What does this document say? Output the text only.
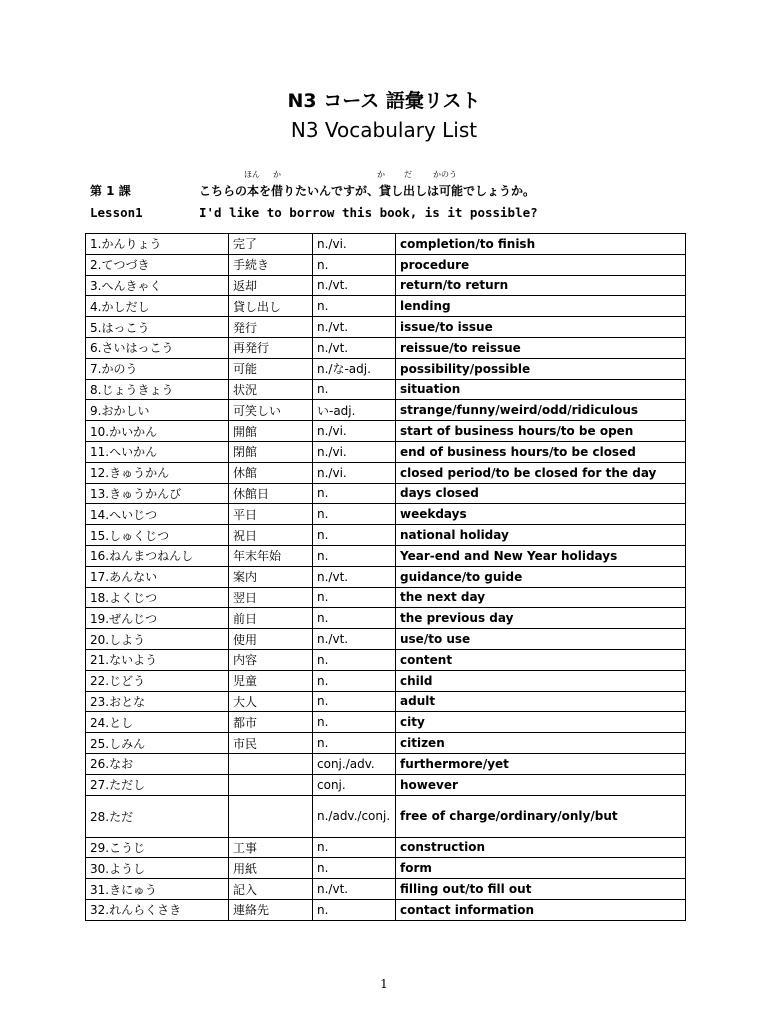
N3 コース 語彙リスト
N3 Vocabulary List
ほん か	か だ	かのう
第 1 課	こちらの本を借りたいんですが、貸し出しは可能でしょうか。
Lesson1	I'd like to borrow this book, is it possible?
1.かんりょう	完了	n./vi.	completion/to finish
2.てつづき	手続き	n.	procedure
3.へんきゃく	返却	n./vt.	return/to return
4.かしだし	貸し出し	n.	lending
5.はっこう	発行	n./vt.	issue/to issue
6.さいはっこう	再発行	n./vt.	reissue/to reissue
7.かのう	可能	n./な-adj.	possibility/possible
8.じょうきょう	状況	n.	situation
9.おかしい	可笑しい	い-adj.	strange/funny/weird/odd/ridiculous
10.かいかん	開館	n./vi.	start of business hours/to be open
11.へいかん	閉館	n./vi.	end of business hours/to be closed
12.きゅうかん	休館	n./vi.	closed period/to be closed for the day
13.きゅうかんび	休館日	n.	days closed
14.へいじつ	平日	n.	weekdays
15.しゅくじつ	祝日	n.	national holiday
16.ねんまつねんし	年末年始	n.	Year-end and New Year holidays
17.あんない	案内	n./vt.	guidance/to guide
18.よくじつ	翌日	n.	the next day
19.ぜんじつ	前日	n.	the previous day
20.しよう	使用	n./vt.	use/to use
21.ないよう	内容	n.	content
22.じどう	児童	n.	child
23.おとな	大人	n.	adult
24.とし	都市	n.	city
25.しみん	市民	n.	citizen
26.なお		conj./adv.	furthermore/yet
27.ただし		conj.	however
28.ただ		n./adv./conj.	free of charge/ordinary/only/but
29.こうじ	工事	n.	construction
30.ようし	用紙	n.	form
31.きにゅう	記入	n./vt.	filling out/to fill out
32.れんらくさき	連絡先	n.	contact information
1
